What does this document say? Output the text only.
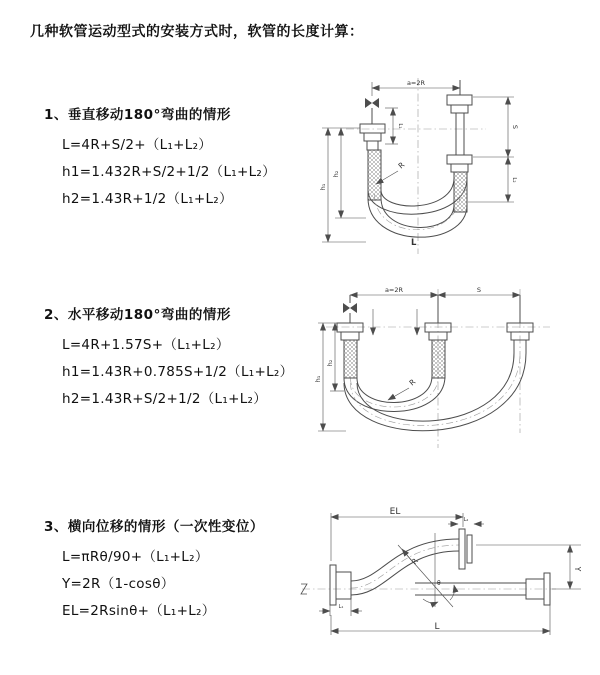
几种软管运动型式的安装方式时，软管的长度计算：
1、垂直移动180°弯曲的情形
L=4R+S/2+（L₁+L₂）
h1=1.432R+S/2+1/2（L₁+L₂）
h2=1.43R+1/2（L₁+L₂）
2、水平移动180°弯曲的情形
L=4R+1.57S+（L₁+L₂）
h1=1.43R+0.785S+1/2（L₁+L₂）
h2=1.43R+S/2+1/2（L₁+L₂）
3、横向位移的情形（一次性变位）
L=πRθ/90+（L₁+L₂）
Y=2R（1-cosθ）
EL=2Rsinθ+（L₁+L₂）
a=2R
L₁
h₁
h₂
S
L₂
R
L
a=2R	S
h₁
h₂
R
EL
L₂
Y
R
θ
L₁
L
